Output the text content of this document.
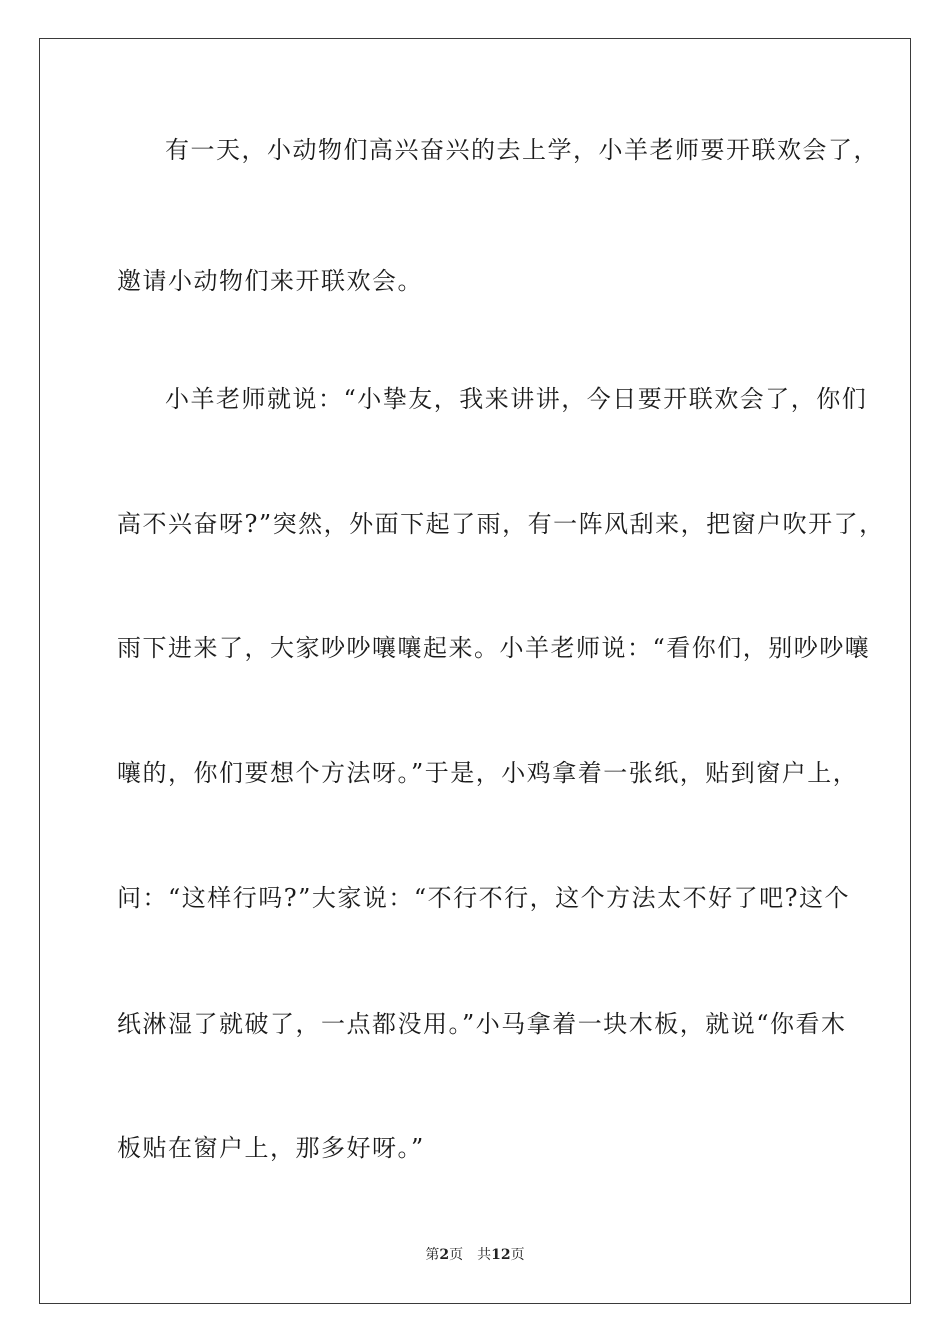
有一天，小动物们高兴奋兴的去上学，小羊老师要开联欢会了，
邀请小动物们来开联欢会。
小羊老师就说：“小挚友，我来讲讲，今日要开联欢会了，你们
高不兴奋呀?”突然，外面下起了雨，有一阵风刮来，把窗户吹开了，
雨下进来了，大家吵吵嚷嚷起来。小羊老师说：“看你们，别吵吵嚷
嚷的，你们要想个方法呀。”于是，小鸡拿着一张纸，贴到窗户上，
问：“这样行吗?”大家说：“不行不行，这个方法太不好了吧?这个
纸淋湿了就破了，一点都没用。”小马拿着一块木板，就说“你看木
板贴在窗户上，那多好呀。”
第2页　共12页
